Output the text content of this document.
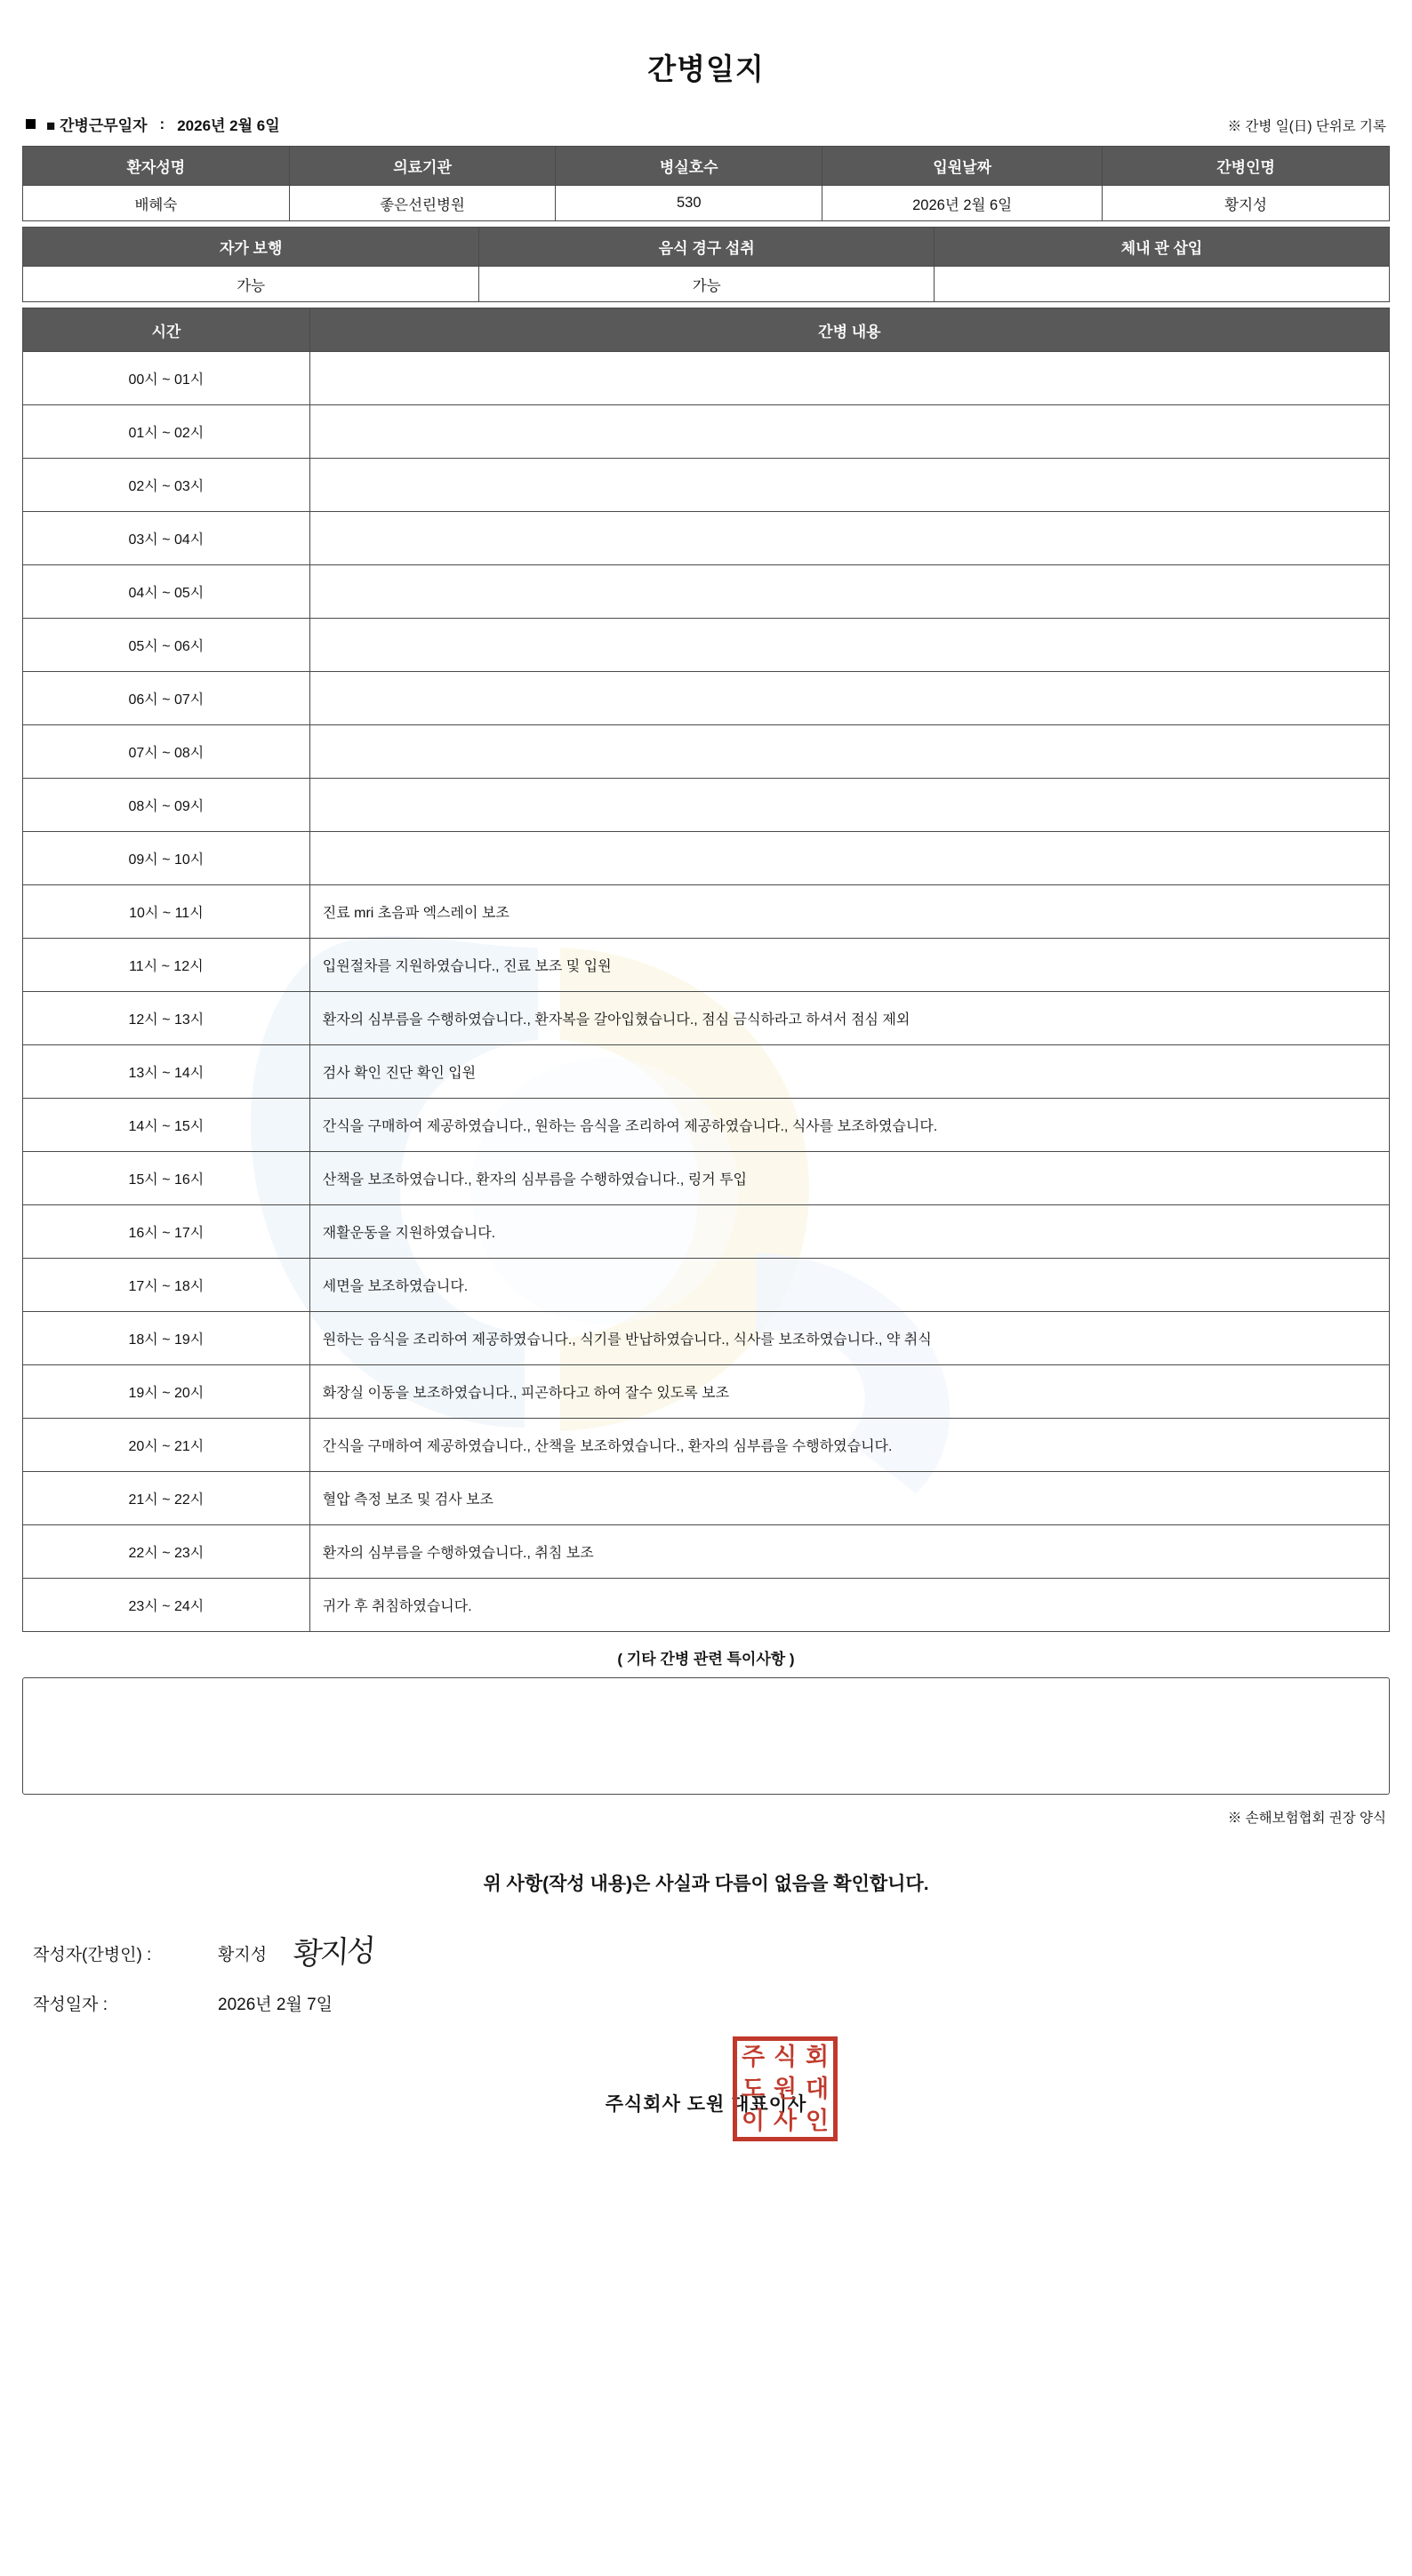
간병일지
■ 간병근무일자 : 2026년 2월 6일	※ 간병 일(日) 단위로 기록
환자성명	의료기관	병실호수	입원날짜	간병인명
배혜숙	좋은선린병원	530	2026년 2월 6일	황지성
자가 보행	음식 경구 섭취	체내 관 삽입
가능	가능	
시간	간병 내용
00시 ~ 01시	
01시 ~ 02시	
02시 ~ 03시	
03시 ~ 04시	
04시 ~ 05시	
05시 ~ 06시	
06시 ~ 07시	
07시 ~ 08시	
08시 ~ 09시	
09시 ~ 10시	
10시 ~ 11시	진료 mri 초음파 엑스레이 보조
11시 ~ 12시	입원절차를 지원하였습니다., 진료 보조 및 입원
12시 ~ 13시	환자의 심부름을 수행하였습니다., 환자복을 갈아입혔습니다., 점심 금식하라고 하셔서 점심 제외
13시 ~ 14시	검사 확인 진단 확인 입원
14시 ~ 15시	간식을 구매하여 제공하였습니다., 원하는 음식을 조리하여 제공하였습니다., 식사를 보조하였습니다.
15시 ~ 16시	산책을 보조하였습니다., 환자의 심부름을 수행하였습니다., 링거 투입
16시 ~ 17시	재활운동을 지원하였습니다.
17시 ~ 18시	세면을 보조하였습니다.
18시 ~ 19시	원하는 음식을 조리하여 제공하였습니다., 식기를 반납하였습니다., 식사를 보조하였습니다., 약 취식
19시 ~ 20시	화장실 이동을 보조하였습니다., 피곤하다고 하여 잘수 있도록 보조
20시 ~ 21시	간식을 구매하여 제공하였습니다., 산책을 보조하였습니다., 환자의 심부름을 수행하였습니다.
21시 ~ 22시	혈압 측정 보조 및 검사 보조
22시 ~ 23시	환자의 심부름을 수행하였습니다., 취침 보조
23시 ~ 24시	귀가 후 취침하였습니다.
( 기타 간병 관련 특이사항 )
※ 손해보험협회 권장 양식
위 사항(작성 내용)은 사실과 다름이 없음을 확인합니다.
작성자(간병인) :	황지성 황지성
작성일자 :	2026년 2월 7일
주식회사 도원 대표이사
주 식 회
도 원 대
이 사 인
